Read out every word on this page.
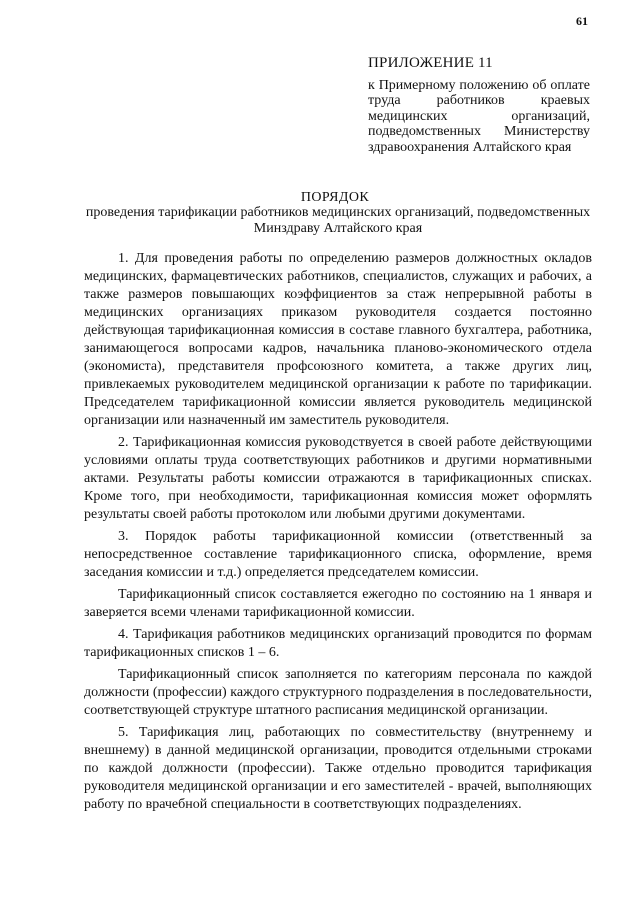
61
ПРИЛОЖЕНИЕ 11
к Примерному положению об оплате труда работников краевых медицинских организаций, подведомственных Министерству здравоохранения Алтайского края
ПОРЯДОК
проведения тарификации работников медицинских организаций, подведомственных Минздраву Алтайского края

1. Для проведения работы по определению размеров должностных окладов медицинских, фармацевтических работников, специалистов, служащих и рабочих, а также размеров повышающих коэффициентов за стаж непрерывной работы в медицинских организациях приказом руководителя создается постоянно действующая тарификационная комиссия в составе главного бухгалтера, работника, занимающегося вопросами кадров, начальника планово-экономического отдела (экономиста), представителя профсоюзного комитета, а также других лиц, привлекаемых руководителем медицинской организации к работе по тарификации. Председателем тарификационной комиссии является руководитель медицинской организации или назначенный им заместитель руководителя.

2. Тарификационная комиссия руководствуется в своей работе действующими условиями оплаты труда соответствующих работников и другими нормативными актами. Результаты работы комиссии отражаются в тарификационных списках. Кроме того, при необходимости, тарификационная комиссия может оформлять результаты своей работы протоколом или любыми другими документами.

3. Порядок работы тарификационной комиссии (ответственный за непосредственное составление тарификационного списка, оформление, время заседания комиссии и т.д.) определяется председателем комиссии.

Тарификационный список составляется ежегодно по состоянию на 1 января и заверяется всеми членами тарификационной комиссии.

4. Тарификация работников медицинских организаций проводится по формам тарификационных списков 1 – 6.

Тарификационный список заполняется по категориям персонала по каждой должности (профессии) каждого структурного подразделения в последовательности, соответствующей структуре штатного расписания медицинской организации.

5. Тарификация лиц, работающих по совместительству (внутреннему и внешнему) в данной медицинской организации, проводится отдельными строками по каждой должности (профессии). Также отдельно проводится тарификация руководителя медицинской организации и его заместителей - врачей, выполняющих работу по врачебной специальности в соответствующих подразделениях.
